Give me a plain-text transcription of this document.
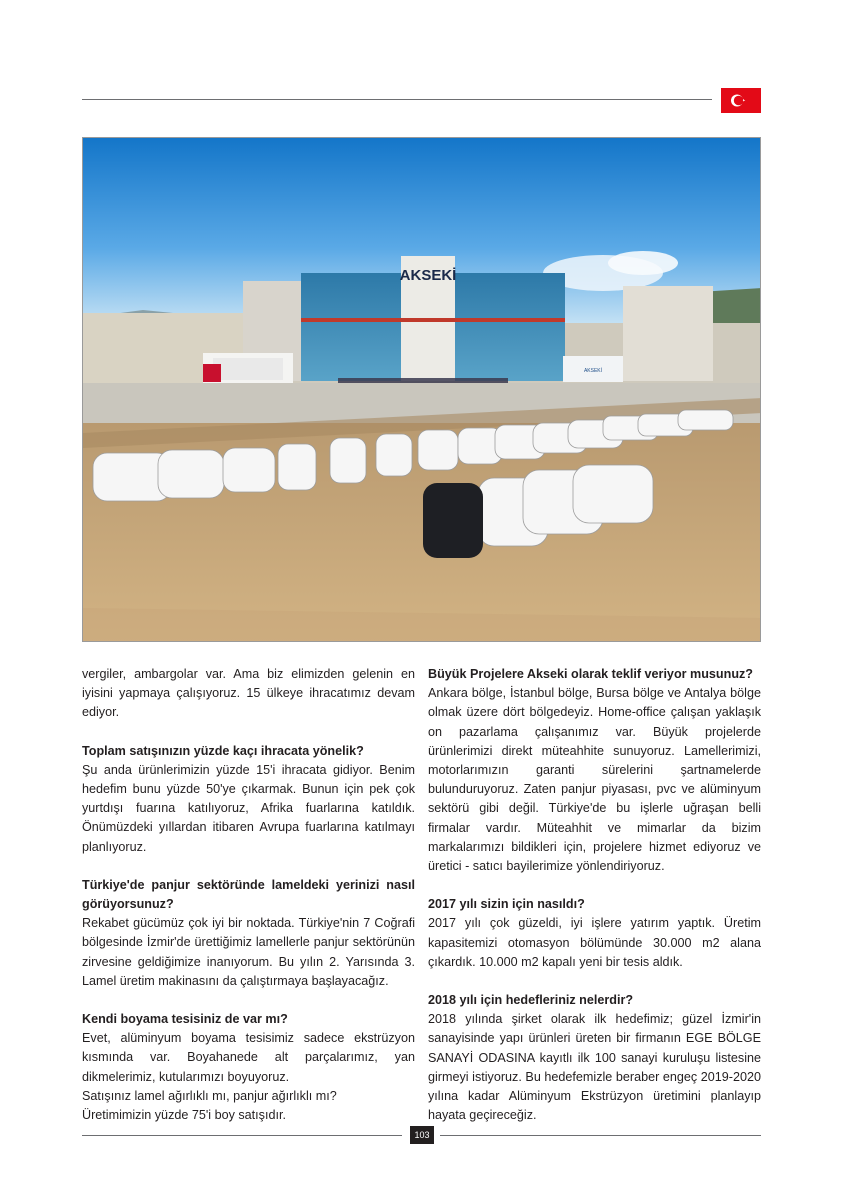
AKSEKİ
AKSEKİ
vergiler, ambargolar var. Ama biz elimizden gelenin en iyisini yapmaya çalışıyoruz. 15 ülkeye ihracatımız devam ediyor.
Toplam satışınızın yüzde kaçı ihracata yönelik?
Şu anda ürünlerimizin yüzde 15'i ihracata gidiyor. Benim hedefim bunu yüzde 50'ye çıkarmak. Bunun için pek çok yurtdışı fuarına katılıyoruz, Afrika fuarlarına katıldık. Önümüzdeki yıllardan itibaren Avrupa fuarlarına katılmayı planlıyoruz.
Türkiye'de panjur sektöründe lameldeki yerinizi nasıl görüyorsunuz?
Rekabet gücümüz çok iyi bir noktada. Türkiye'nin 7 Coğrafi bölgesinde İzmir'de ürettiğimiz lamellerle panjur sektörünün zirvesine geldiğimize inanıyorum. Bu yılın 2. Yarısında 3. Lamel üretim makinasını da çalıştırmaya başlayacağız.
Kendi boyama tesisiniz de var mı?
Evet, alüminyum boyama tesisimiz sadece ekstrüzyon kısmında var. Boyahanede alt parçalarımız, yan dikmelerimiz, kutularımızı boyuyoruz.
Satışınız lamel ağırlıklı mı, panjur ağırlıklı mı?
Üretimimizin yüzde 75'i boy satışıdır.
Büyük Projelere Akseki olarak teklif veriyor musunuz?
Ankara bölge, İstanbul bölge, Bursa bölge ve Antalya bölge olmak üzere dört bölgedeyiz. Home-office çalışan yaklaşık on pazarlama çalışanımız var. Büyük projelerde ürünlerimizi direkt müteahhite sunuyoruz. Lamellerimizi, motorlarımızın garanti sürelerini şartnamelerde bulunduruyoruz. Zaten panjur piyasası, pvc ve alüminyum sektörü gibi değil. Türkiye'de bu işlerle uğraşan belli firmalar vardır. Müteahhit ve mimarlar da bizim markalarımızı bildikleri için, projelere hizmet ediyoruz ve üretici - satıcı bayilerimize yönlendiriyoruz.
2017 yılı sizin için nasıldı?
2017 yılı çok güzeldi, iyi işlere yatırım yaptık. Üretim kapasitemizi otomasyon bölümünde 30.000 m2 alana çıkardık. 10.000 m2 kapalı yeni bir tesis aldık.
2018 yılı için hedefleriniz nelerdir?
2018 yılında şirket olarak ilk hedefimiz; güzel İzmir'in sanayisinde yapı ürünleri üreten bir firmanın EGE BÖLGE SANAYİ ODASINA kayıtlı ilk 100 sanayi kuruluşu listesine girmeyi istiyoruz. Bu hedefemizle beraber engeç 2019-2020 yılına kadar Alüminyum Ekstrüzyon üretimini planlayıp hayata geçireceğiz.
103
